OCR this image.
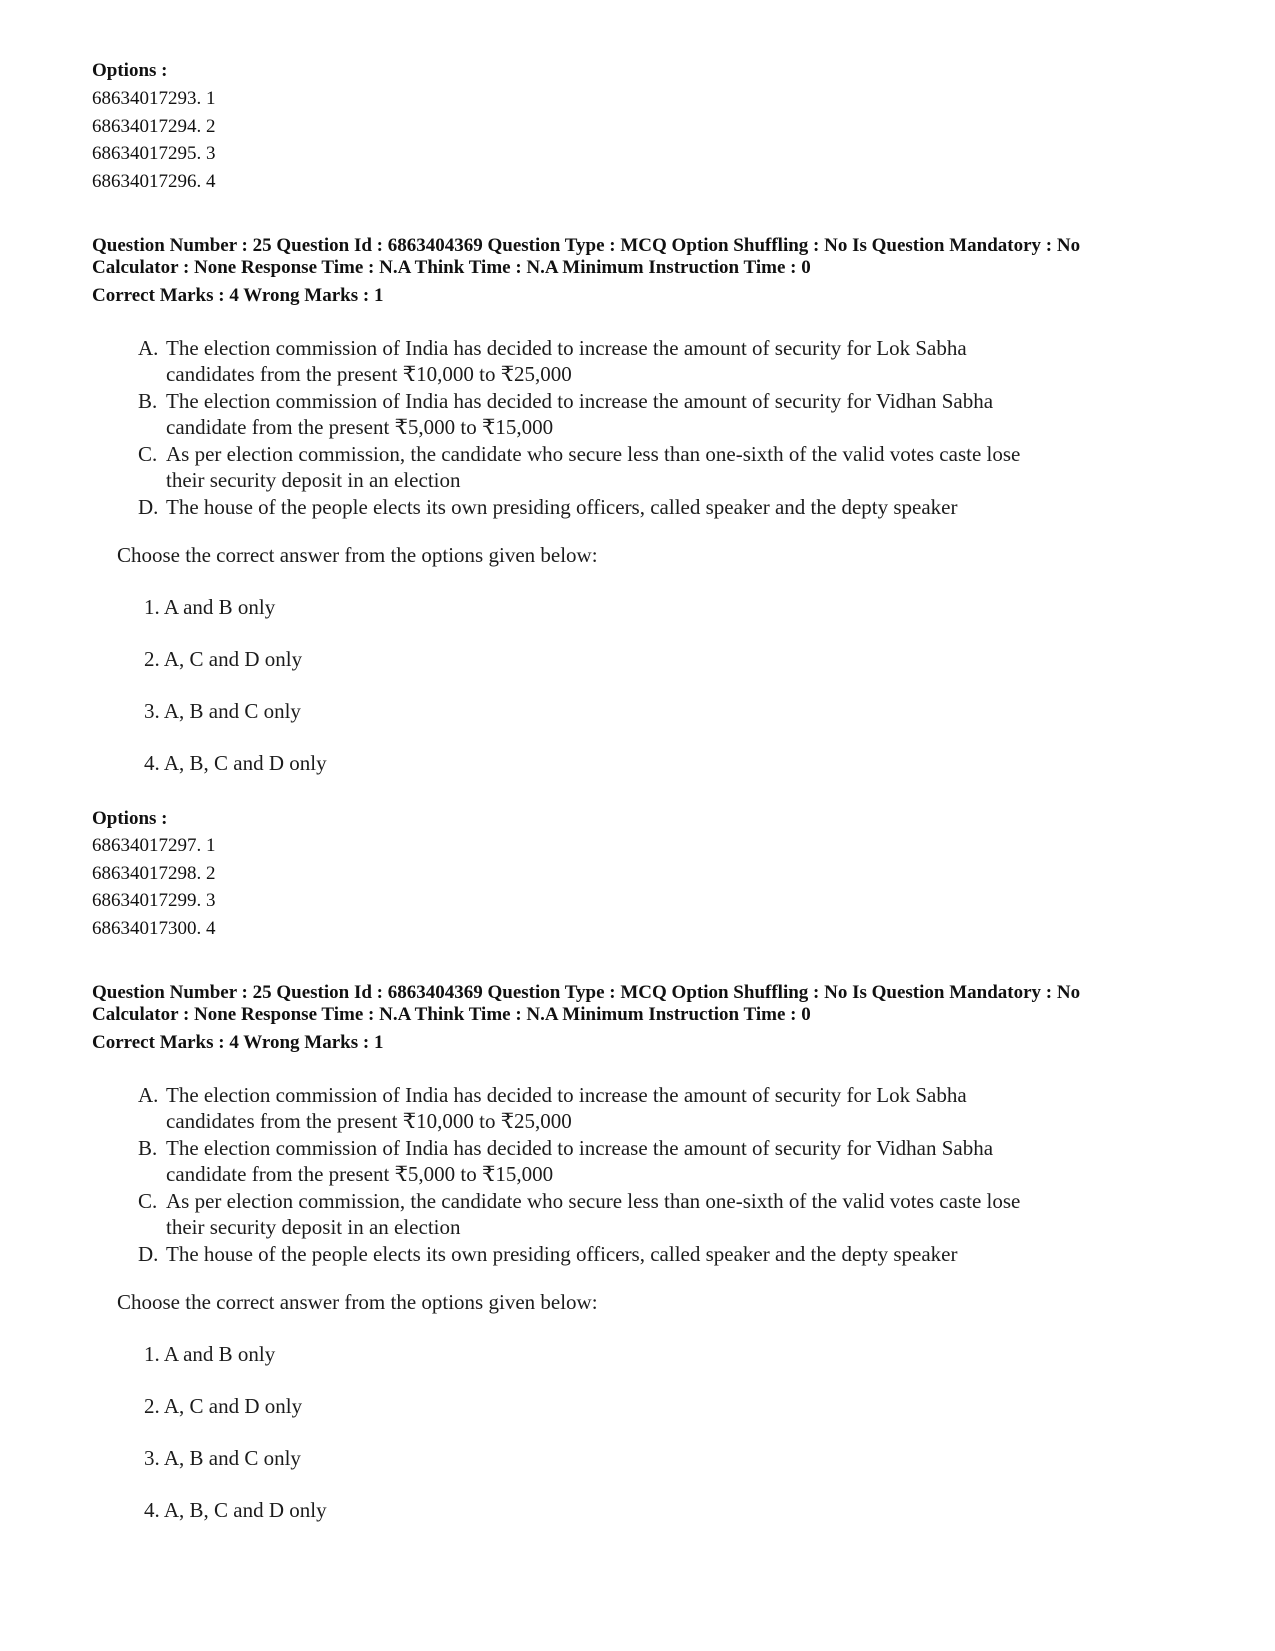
Options :
68634017293. 1
68634017294. 2
68634017295. 3
68634017296. 4
Question Number : 25 Question Id : 6863404369 Question Type : MCQ Option Shuffling : No Is Question Mandatory : No
Calculator : None Response Time : N.A Think Time : N.A Minimum Instruction Time : 0
Correct Marks : 4 Wrong Marks : 1
A. The election commission of India has decided to increase the amount of security for Lok Sabha
candidates from the present ₹10,000 to ₹25,000
B. The election commission of India has decided to increase the amount of security for Vidhan Sabha
candidate from the present ₹5,000 to ₹15,000
C. As per election commission, the candidate who secure less than one-sixth of the valid votes caste lose
their security deposit in an election
D. The house of the people elects its own presiding officers, called speaker and the depty speaker
Choose the correct answer from the options given below:
1. A and B only
2. A, C and D only
3. A, B and C only
4. A, B, C and D only
Options :
68634017297. 1
68634017298. 2
68634017299. 3
68634017300. 4
Question Number : 25 Question Id : 6863404369 Question Type : MCQ Option Shuffling : No Is Question Mandatory : No
Calculator : None Response Time : N.A Think Time : N.A Minimum Instruction Time : 0
Correct Marks : 4 Wrong Marks : 1
A. The election commission of India has decided to increase the amount of security for Lok Sabha
candidates from the present ₹10,000 to ₹25,000
B. The election commission of India has decided to increase the amount of security for Vidhan Sabha
candidate from the present ₹5,000 to ₹15,000
C. As per election commission, the candidate who secure less than one-sixth of the valid votes caste lose
their security deposit in an election
D. The house of the people elects its own presiding officers, called speaker and the depty speaker
Choose the correct answer from the options given below:
1. A and B only
2. A, C and D only
3. A, B and C only
4. A, B, C and D only
